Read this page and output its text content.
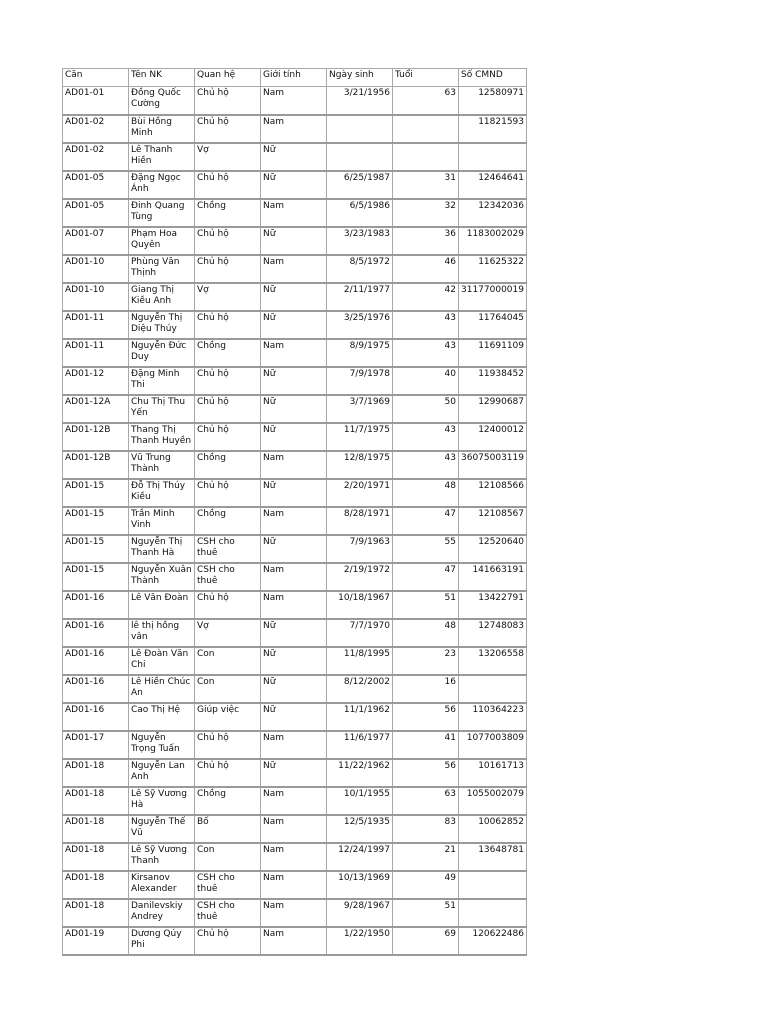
Căn	Tên NK	Quan hệ	Giới tính	Ngày sinh	Tuổi	Số CMND
AD01-01	Đồng Quốc Cường	Chủ hộ	Nam	3/21/1956	63	12580971
AD01-02	Bùi Hồng Minh	Chủ hộ	Nam			11821593
AD01-02	Lê Thanh Hiền	Vợ	Nữ			
AD01-05	Đặng Ngọc Ánh	Chủ hộ	Nữ	6/25/1987	31	12464641
AD01-05	Đinh Quang Tùng	Chồng	Nam	6/5/1986	32	12342036
AD01-07	Phạm Hoa Quyên	Chủ hộ	Nữ	3/23/1983	36	1183002029
AD01-10	Phùng Văn Thịnh	Chủ hộ	Nam	8/5/1972	46	11625322
AD01-10	Giang Thị Kiều Anh	Vợ	Nữ	2/11/1977	42	31177000019
AD01-11	Nguyễn Thị Diệu Thúy	Chủ hộ	Nữ	3/25/1976	43	11764045
AD01-11	Nguyễn Đức Duy	Chồng	Nam	8/9/1975	43	11691109
AD01-12	Đặng Minh Thi	Chủ hộ	Nữ	7/9/1978	40	11938452
AD01-12A	Chu Thị Thu Yến	Chủ hộ	Nữ	3/7/1969	50	12990687
AD01-12B	Thang Thị Thanh Huyền	Chủ hộ	Nữ	11/7/1975	43	12400012
AD01-12B	Vũ Trung Thành	Chồng	Nam	12/8/1975	43	36075003119
AD01-15	Đỗ Thị Thúy Kiều	Chủ hộ	Nữ	2/20/1971	48	12108566
AD01-15	Trần Minh Vinh	Chồng	Nam	8/28/1971	47	12108567
AD01-15	Nguyễn Thị Thanh Hà	CSH cho thuê	Nữ	7/9/1963	55	12520640
AD01-15	Nguyễn Xuân Thành	CSH cho thuê	Nam	2/19/1972	47	141663191
AD01-16	Lê Văn Đoàn	Chủ hộ	Nam	10/18/1967	51	13422791
AD01-16	lê thị hồng vân	Vợ	Nữ	7/7/1970	48	12748083
AD01-16	Lê Đoàn Văn Chi	Con	Nữ	11/8/1995	23	13206558
AD01-16	Lê Hiền Chúc An	Con	Nữ	8/12/2002	16	
AD01-16	Cao Thị Hệ	Giúp việc	Nữ	11/1/1962	56	110364223
AD01-17	Nguyễn Trọng Tuấn	Chủ hộ	Nam	11/6/1977	41	1077003809
AD01-18	Nguyễn Lan Anh	Chủ hộ	Nữ	11/22/1962	56	10161713
AD01-18	Lê Sỹ Vương Hà	Chồng	Nam	10/1/1955	63	1055002079
AD01-18	Nguyễn Thế Vũ	Bố	Nam	12/5/1935	83	10062852
AD01-18	Lê Sỹ Vương Thanh	Con	Nam	12/24/1997	21	13648781
AD01-18	Kirsanov Alexander	CSH cho thuê	Nam	10/13/1969	49	
AD01-18	Danilevskiy Andrey	CSH cho thuê	Nam	9/28/1967	51	
AD01-19	Dương Qúy Phi	Chủ hộ	Nam	1/22/1950	69	120622486
